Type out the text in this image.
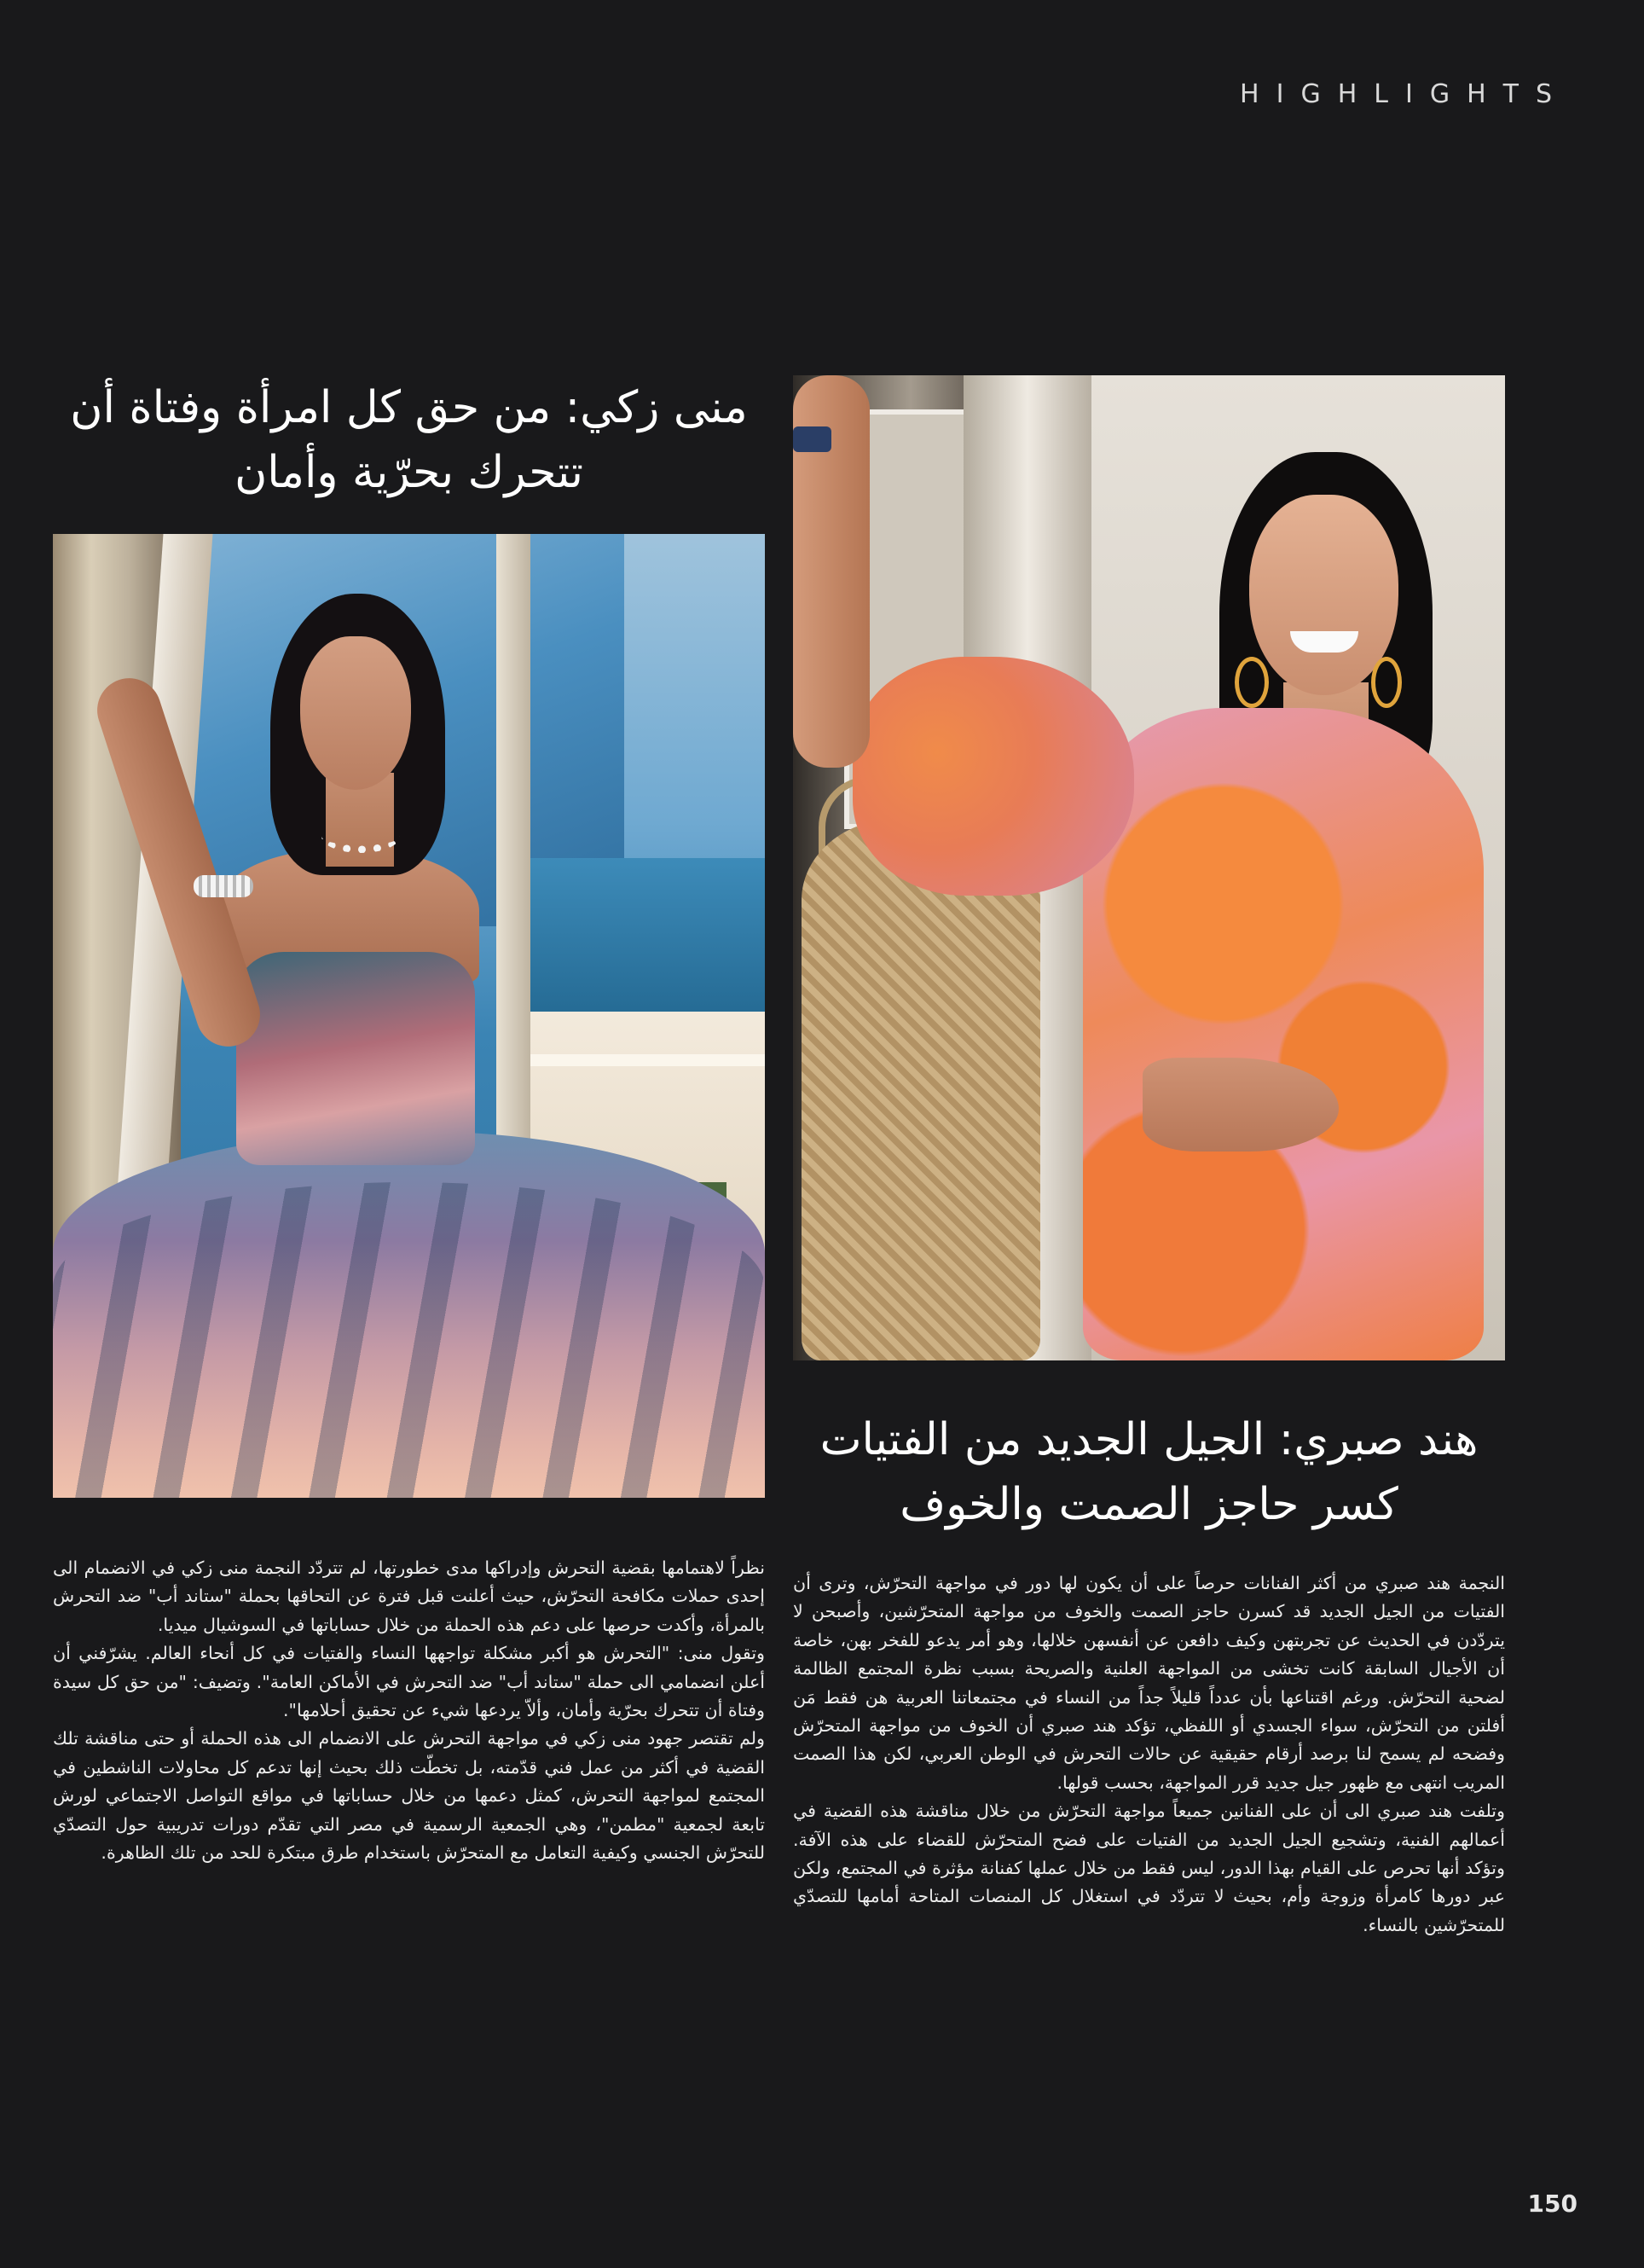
HIGHLIGHTS
منى زكي: من حق كل امرأة وفتاة أن تتحرك بحرّية وأمان

نظراً لاهتمامها بقضية التحرش وإدراكها مدى خطورتها، لم تتردّد النجمة منى زكي في الانضمام الى إحدى حملات مكافحة التحرّش، حيث أعلنت قبل فترة عن التحاقها بحملة "ستاند أب" ضد التحرش بالمرأة، وأكدت حرصها على دعم هذه الحملة من خلال حساباتها في السوشيال ميديا.

وتقول منى: "التحرش هو أكبر مشكلة تواجهها النساء والفتيات في كل أنحاء العالم. يشرّفني أن أعلن انضمامي الى حملة "ستاند أب" ضد التحرش في الأماكن العامة". وتضيف: "من حق كل سيدة وفتاة أن تتحرك بحرّية وأمان، وألاّ يردعها شيء عن تحقيق أحلامها".

ولم تقتصر جهود منى زكي في مواجهة التحرش على الانضمام الى هذه الحملة أو حتى مناقشة تلك القضية في أكثر من عمل فني قدّمته، بل تخطّت ذلك بحيث إنها تدعم كل محاولات الناشطين في المجتمع لمواجهة التحرش، كمثل دعمها من خلال حساباتها في مواقع التواصل الاجتماعي لورش تابعة لجمعية "مطمن"، وهي الجمعية الرسمية في مصر التي تقدّم دورات تدريبية حول التصدّي للتحرّش الجنسي وكيفية التعامل مع المتحرّش باستخدام طرق مبتكرة للحد من تلك الظاهرة.

هند صبري: الجيل الجديد من الفتيات كسر حاجز الصمت والخوف

النجمة هند صبري من أكثر الفنانات حرصاً على أن يكون لها دور في مواجهة التحرّش، وترى أن الفتيات من الجيل الجديد قد كسرن حاجز الصمت والخوف من مواجهة المتحرّشين، وأصبحن لا يتردّدن في الحديث عن تجربتهن وكيف دافعن عن أنفسهن خلالها، وهو أمر يدعو للفخر بهن، خاصة أن الأجيال السابقة كانت تخشى من المواجهة العلنية والصريحة بسبب نظرة المجتمع الظالمة لضحية التحرّش. ورغم اقتناعها بأن عدداً قليلاً جداً من النساء في مجتمعاتنا العربية هن فقط مَن أفلتن من التحرّش، سواء الجسدي أو اللفظي، تؤكد هند صبري أن الخوف من مواجهة المتحرّش وفضحه لم يسمح لنا برصد أرقام حقيقية عن حالات التحرش في الوطن العربي، لكن هذا الصمت المريب انتهى مع ظهور جيل جديد قرر المواجهة، بحسب قولها.

وتلفت هند صبري الى أن على الفنانين جميعاً مواجهة التحرّش من خلال مناقشة هذه القضية في أعمالهم الفنية، وتشجيع الجيل الجديد من الفتيات على فضح المتحرّش للقضاء على هذه الآفة. وتؤكد أنها تحرص على القيام بهذا الدور، ليس فقط من خلال عملها كفنانة مؤثرة في المجتمع، ولكن عبر دورها كامرأة وزوجة وأم، بحيث لا تتردّد في استغلال كل المنصات المتاحة أمامها للتصدّي للمتحرّشين بالنساء.

150
